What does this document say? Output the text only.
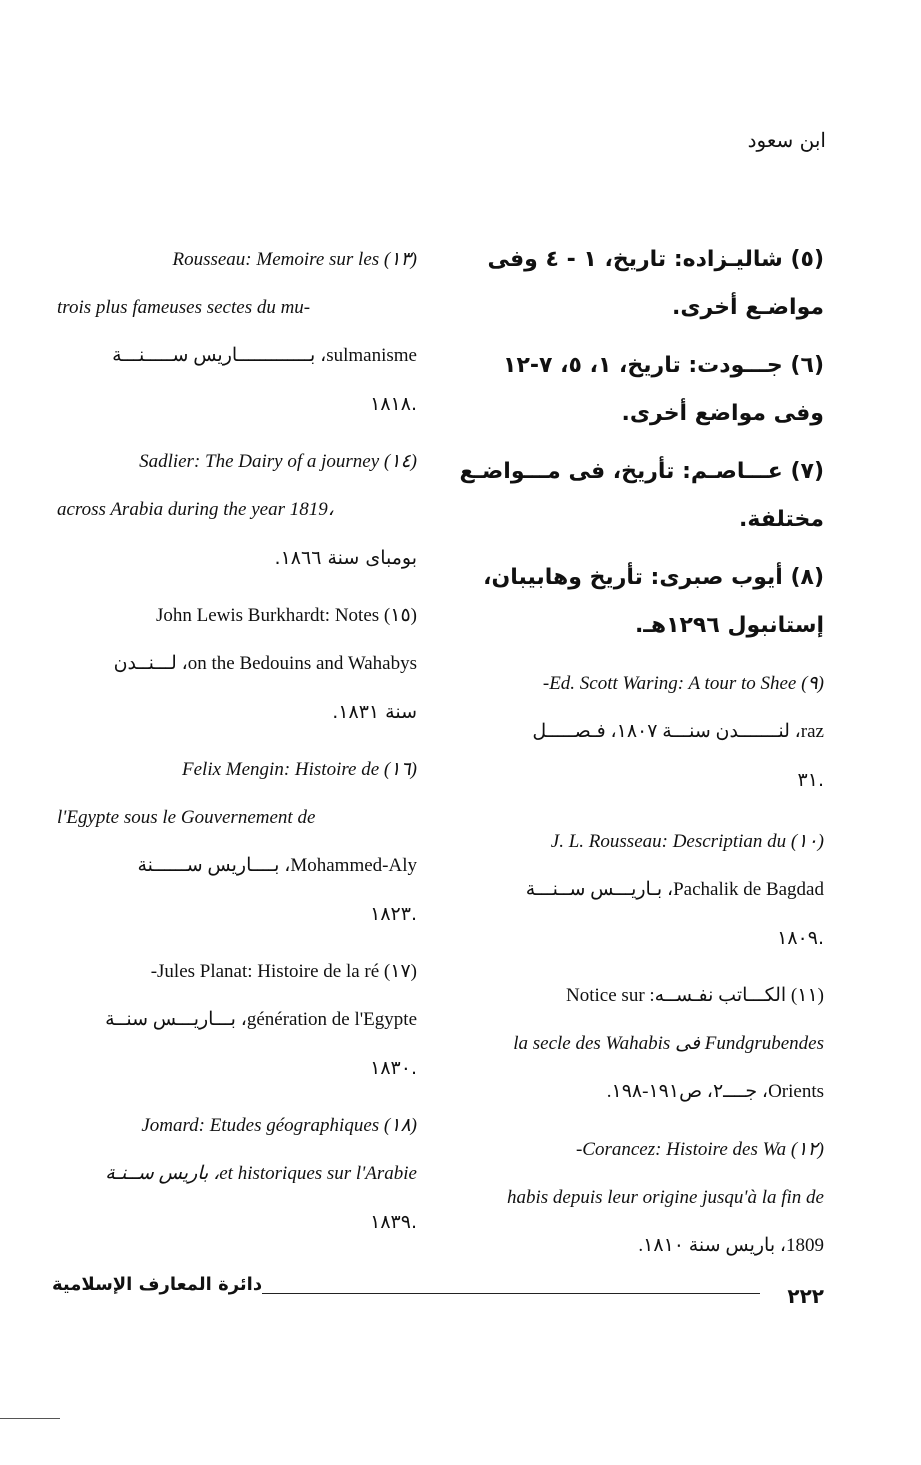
ابن سعود
(٥) شاليـزاده: تاريخ، ١ - ٤ وفى
مواضـع أخرى.
(٦) جـــودت: تاريخ، ١، ٥، ٧-١٢
وفى مواضع أخرى.
(٧) عـــاصـم: تأريخ، فى مـــواضـع
مختلفة.
(٨) أيوب صبرى: تأريخ وهابيبان،
إستانبول ١٢٩٦هـ.
(٩) Ed. Scott Waring: A tour to Shee-
raz، لنـــــــدن سنـــة ١٨٠٧، فـصـــــل
.٣١
(١٠) J. L. Rousseau: Descriptian du
Pachalik de Bagdad، بـاريـــس ســنـــة
.١٨٠٩
(١١) الكـــاتب نفـســه: Notice sur
Fundgrubendes فى la secle des Wahabis
Orients، جــــ٢، ص١٩١-١٩٨.
(١٢) Corancez: Histoire des Wa-
habis depuis leur origine jusqu'à la fin de
1809، باريس سنة ١٨١٠.
(١٣) Rousseau: Memoire sur les
trois plus fameuses sectes du mu-
sulmanisme، بـــــــــــــاريس ســـــنـــة
.١٨١٨
(١٤) Sadlier: The Dairy of a journey
across Arabia during the year 1819،
بومباى سنة ١٨٦٦.
(١٥) John Lewis Burkhardt: Notes
on the Bedouins and Wahabys، لـــنــدن
سنة ١٨٣١.
(١٦) Felix Mengin: Histoire de
l'Egypte sous le Gouvernement de
Mohammed-Aly، بــــاريس ســــــنة
.١٨٢٣
(١٧) Jules Planat: Histoire de la ré-
génération de l'Egypte، بـــاريـــس سنــة
.١٨٣٠
(١٨) Jomard: Etudes géographiques
et historiques sur l'Arabie، باريس ســنـة
.١٨٣٩
دائرة المعارف الإسلامية	٢٢٢
